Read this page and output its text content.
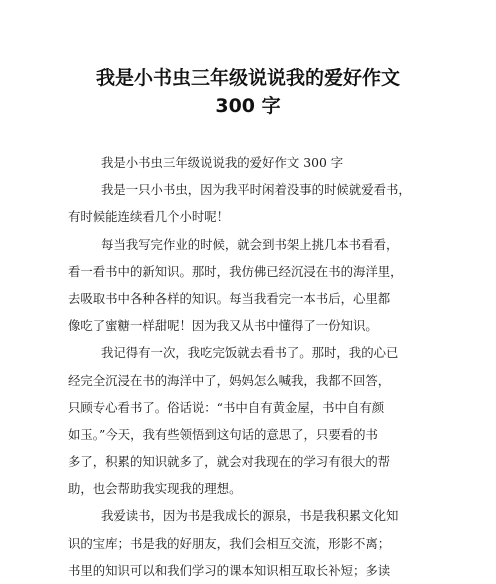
我是小书虫三年级说说我的爱好作文
300 字
我是小书虫三年级说说我的爱好作文 300 字
我是一只小书虫，因为我平时闲着没事的时候就爱看书，
有时候能连续看几个小时呢！
每当我写完作业的时候，就会到书架上挑几本书看看，
看一看书中的新知识。那时，我仿佛已经沉浸在书的海洋里，
去吸取书中各种各样的知识。每当我看完一本书后，心里都
像吃了蜜糖一样甜呢！因为我又从书中懂得了一份知识。
我记得有一次，我吃完饭就去看书了。那时，我的心已
经完全沉浸在书的海洋中了，妈妈怎么喊我，我都不回答，
只顾专心看书了。俗话说：“书中自有黄金屋，书中自有颜
如玉。”今天，我有些领悟到这句话的意思了，只要看的书
多了，积累的知识就多了，就会对我现在的学习有很大的帮
助，也会帮助我实现我的理想。
我爱读书，因为书是我成长的源泉，书是我积累文化知
识的宝库；书是我的好朋友，我们会相互交流，形影不离；
书里的知识可以和我们学习的课本知识相互取长补短；多读
